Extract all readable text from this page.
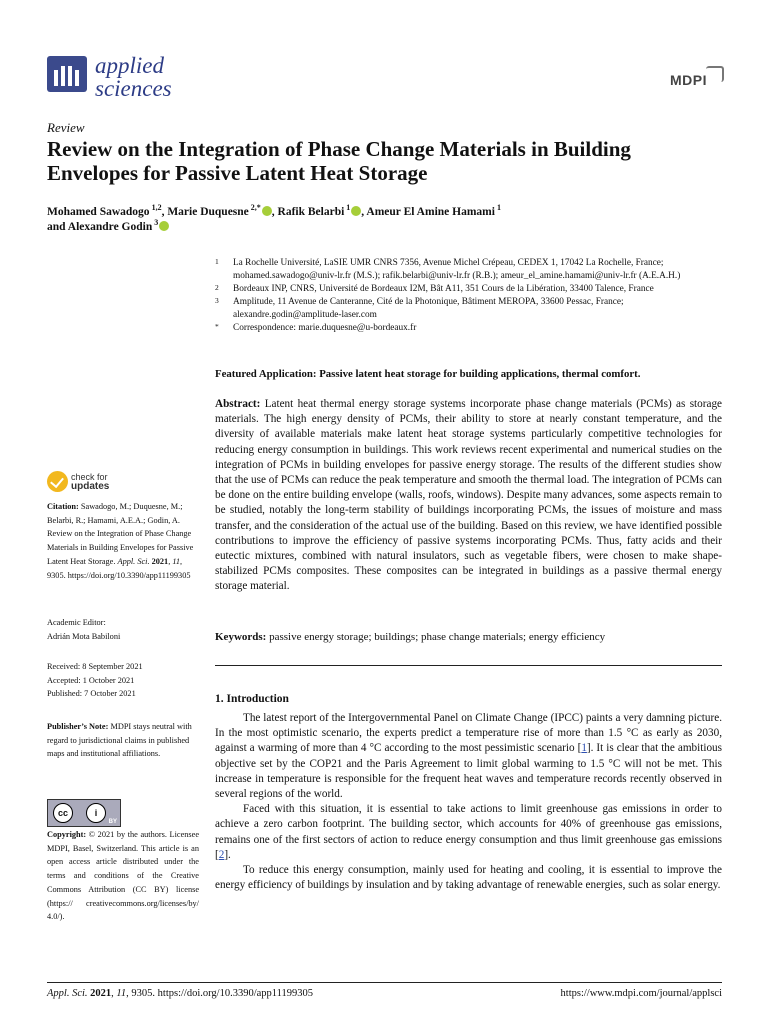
applied
sciences	MDPI
Review
Review on the Integration of Phase Change Materials in Building Envelopes for Passive Latent Heat Storage
Mohamed Sawadogo $^{1,2}$, Marie Duquesne $^{2,*}$ , Rafik Belarbi $^1$ , Ameur El Amine Hamami $^1$
and Alexandre Godin $^3$
1 La Rochelle Université, LaSIE UMR CNRS 7356, Avenue Michel Crépeau, CEDEX 1, 17042 La Rochelle, France; mohamed.sawadogo@univ-lr.fr (M.S.); rafik.belarbi@univ-lr.fr (R.B.); ameur_el_amine.hamami@univ-lr.fr (A.E.A.H.)
2 Bordeaux INP, CNRS, Université de Bordeaux I2M, Bât A11, 351 Cours de la Libération, 33400 Talence, France
3 Amplitude, 11 Avenue de Canteranne, Cité de la Photonique, Bâtiment MEROPA, 33600 Pessac, France; alexandre.godin@amplitude-laser.com
* Correspondence: marie.duquesne@u-bordeaux.fr
Featured Application: Passive latent heat storage for building applications, thermal comfort.
Abstract: Latent heat thermal energy storage systems incorporate phase change materials (PCMs) as storage materials. The high energy density of PCMs, their ability to store at nearly constant temperature, and the diversity of available materials make latent heat storage systems particularly competitive technologies for reducing energy consumption in buildings. This work reviews recent experimental and numerical studies on the integration of PCMs in building envelopes for passive energy storage. The results of the different studies show that the use of PCMs can reduce the peak temperature and smooth the thermal load. The integration of PCMs can be done on the entire building envelope (walls, roofs, windows). Despite many advances, some aspects remain to be studied, notably the long-term stability of buildings incorporating PCMs, the issues of moisture and mass transfer, and the consideration of the actual use of the building. Based on this review, we have identified possible contributions to improve the efficiency of passive systems incorporating PCMs. Thus, fatty acids and their eutectic mixtures, combined with natural insulators, such as vegetable fibers, were chosen to make shape-stabilized PCMs composites. These composites can be integrated in buildings as a passive thermal energy storage material.
Keywords: passive energy storage; buildings; phase change materials; energy efficiency
1. Introduction
The latest report of the Intergovernmental Panel on Climate Change (IPCC) paints a very damning picture. In the most optimistic scenario, the experts predict a temperature rise of more than 1.5 °C as early as 2030, against a warming of more than 4 °C according to the most pessimistic scenario [1]. It is clear that the ambitious objective set by the COP21 and the Paris Agreement to limit global warming to 1.5 °C will not be met. This increase in temperature is responsible for the frequent heat waves and temperature records recently observed in several regions of the world.
Faced with this situation, it is essential to take actions to limit greenhouse gas emissions in order to achieve a zero carbon footprint. The building sector, which accounts for 40% of greenhouse gas emissions, remains one of the first sectors of action to reduce energy consumption and thus limit greenhouse gas emissions [2].
To reduce this energy consumption, mainly used for heating and cooling, it is essential to improve the energy efficiency of buildings by insulation and by taking advantage of renewable energies, such as solar energy.
check for
updates
Citation: Sawadogo, M.; Duquesne, M.; Belarbi, R.; Hamami, A.E.A.; Godin, A. Review on the Integration of Phase Change Materials in Building Envelopes for Passive Latent Heat Storage. Appl. Sci. 2021, 11, 9305. https://doi.org/10.3390/app11199305
Academic Editor:
Adrián Mota Babiloni
Received: 8 September 2021
Accepted: 1 October 2021
Published: 7 October 2021
Publisher’s Note: MDPI stays neutral with regard to jurisdictional claims in published maps and institutional affiliations.
cc	i
BY
Copyright: © 2021 by the authors. Licensee MDPI, Basel, Switzerland. This article is an open access article distributed under the terms and conditions of the Creative Commons Attribution (CC BY) license (https:// creativecommons.org/licenses/by/ 4.0/).
Appl. Sci. 2021, 11, 9305. https://doi.org/10.3390/app11199305	https://www.mdpi.com/journal/applsci
